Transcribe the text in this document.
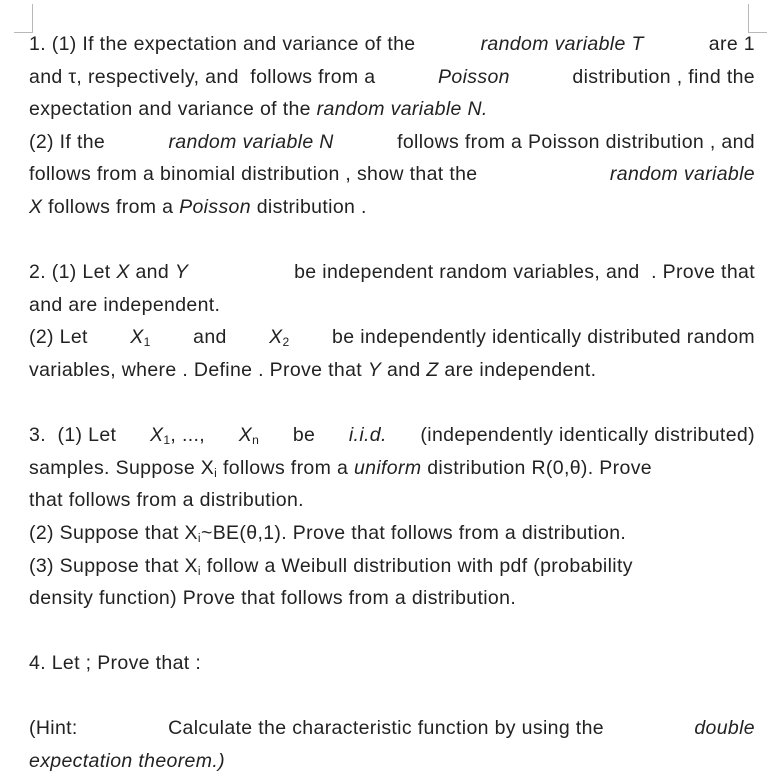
1. (1) If the expectation and variance of the	random variable T	are 1
and τ, respectively, and  follows from a	Poisson	distribution , find the
expectation and variance of the random variable N.
(2) If the	random variable N	follows from a Poisson distribution , and
follows from a binomial distribution , show that the	random variable
X follows from a Poisson distribution .
2. (1) Let X and Y	be independent random variables, and  . Prove that
and are independent.
(2) Let $X_1$ and $X_2$ be independently identically distributed random
variables, where . Define . Prove that Y and Z are independent.
3.  (1) Let $X_1$, ..., $X_n$ be i.i.d. (independently identically distributed)
samples. Suppose $X_i$ follows from a uniform distribution R(0,θ). Prove
that follows from a distribution.
(2) Suppose that $X_i\sim BE(\theta,1)$. Prove that follows from a distribution.
(3) Suppose that $X_i$ follow a Weibull distribution with pdf (probability
density function) Prove that follows from a distribution.
4. Let ; Prove that :
(Hint:	Calculate the characteristic function by using the	double
expectation theorem.)
